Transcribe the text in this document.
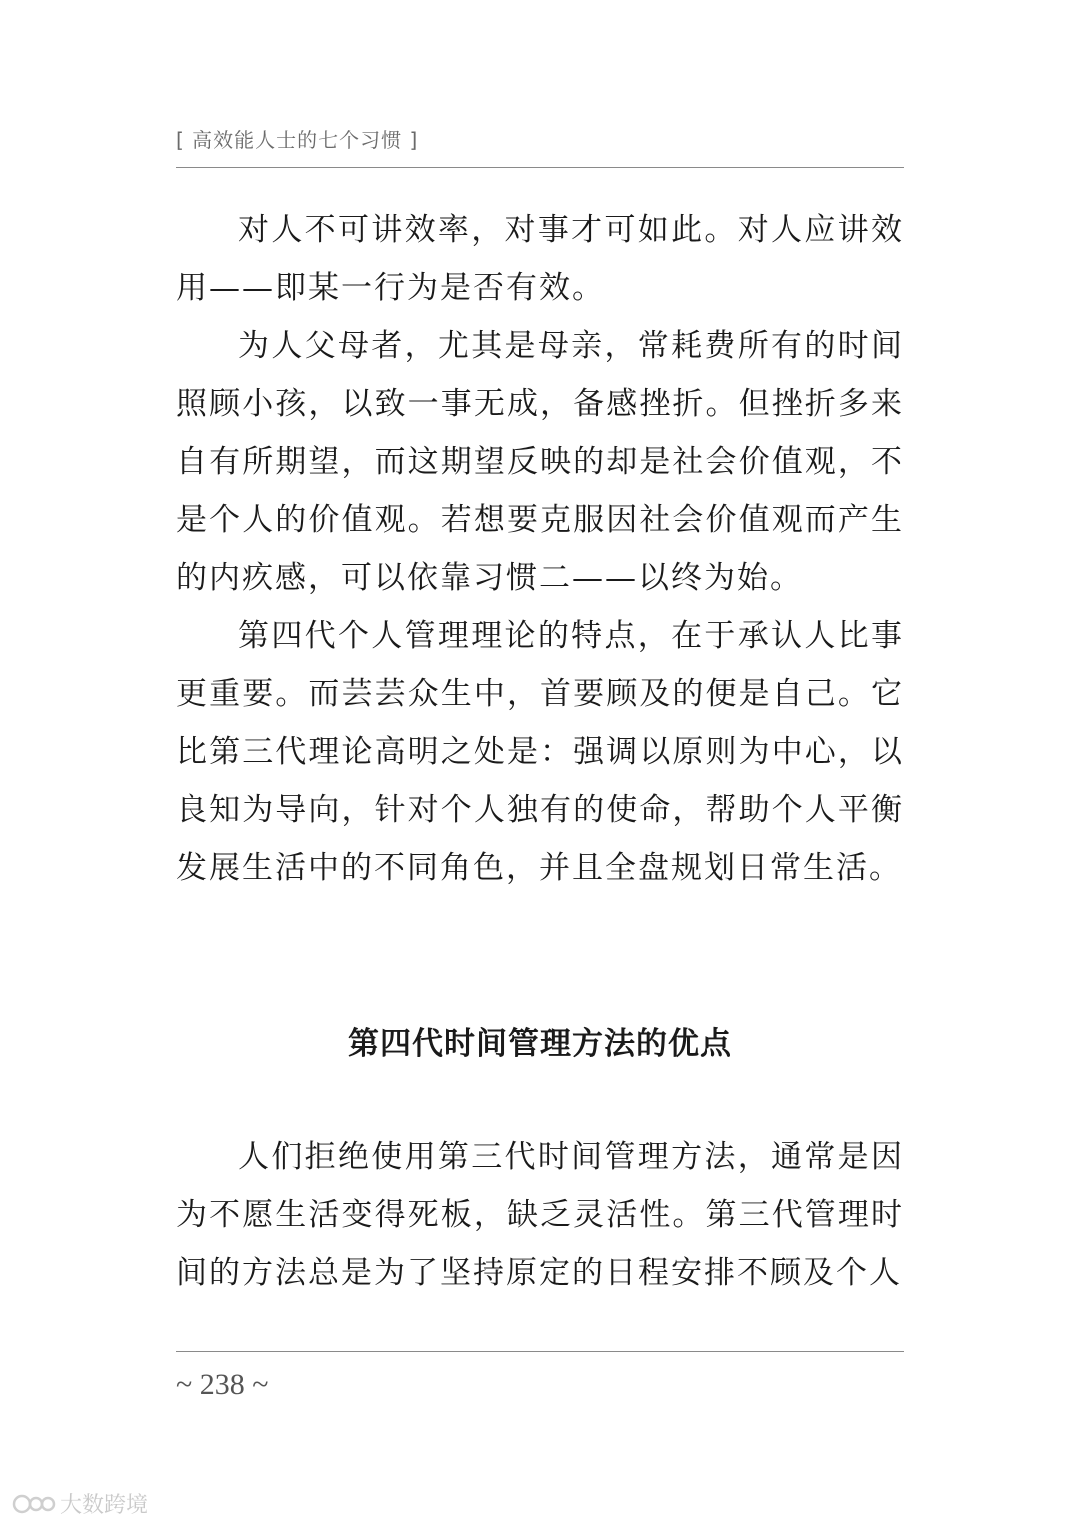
[ 高效能人士的七个习惯 ]

对人不可讲效率，对事才可如此。对人应讲效用——即某一行为是否有效。

为人父母者，尤其是母亲，常耗费所有的时间照顾小孩，以致一事无成，备感挫折。但挫折多来自有所期望，而这期望反映的却是社会价值观，不是个人的价值观。若想要克服因社会价值观而产生的内疚感，可以依靠习惯二——以终为始。

第四代个人管理理论的特点，在于承认人比事更重要。而芸芸众生中，首要顾及的便是自己。它比第三代理论高明之处是：强调以原则为中心，以良知为导向，针对个人独有的使命，帮助个人平衡发展生活中的不同角色，并且全盘规划日常生活。

第四代时间管理方法的优点

人们拒绝使用第三代时间管理方法，通常是因为不愿生活变得死板，缺乏灵活性。第三代管理时间的方法总是为了坚持原定的日程安排不顾及个人

~ 238 ~
大数跨境
